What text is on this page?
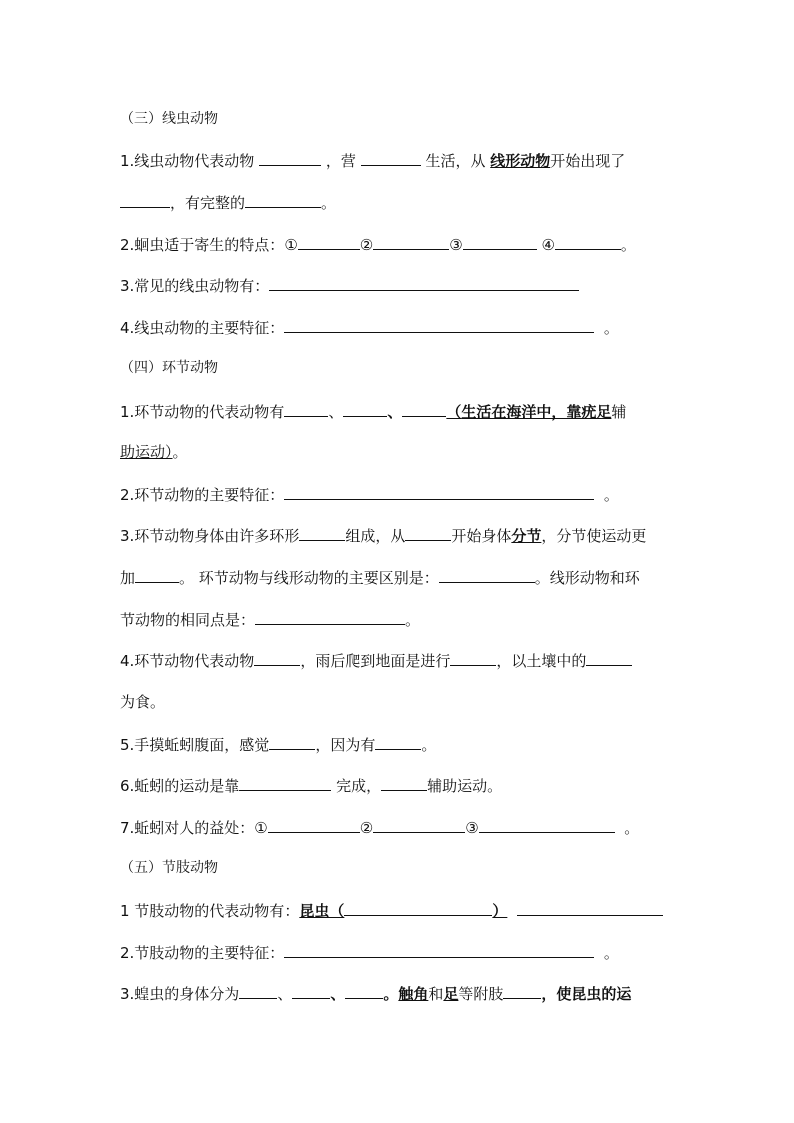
（三）线虫动物
1.线虫动物代表动物	，营	生活，从 线形动物开始出现了
，有完整的	。
2.蛔虫适于寄生的特点：①	②	③	④	。
3.常见的线虫动物有：
4.线虫动物的主要特征：	。
（四）环节动物
1.环节动物的代表动物有	、	、	（生活在海洋中，靠疣足辅
助运动）。
2.环节动物的主要特征：	。
3.环节动物身体由许多环形	组成，从	开始身体分节，分节使运动更
加	。 环节动物与线形动物的主要区别是：	。线形动物和环
节动物的相同点是：	。
4.环节动物代表动物	，雨后爬到地面是进行	，以土壤中的
为食。
5.手摸蚯蚓腹面，感觉	，因为有	。
6.蚯蚓的运动是靠	完成，	辅助运动。
7.蚯蚓对人的益处：①	②	③	。
（五）节肢动物
1 节肢动物的代表动物有：昆虫（	）
2.节肢动物的主要特征：	。
3.蝗虫的身体分为	、	、	。触角和足等附肢	，使昆虫的运
